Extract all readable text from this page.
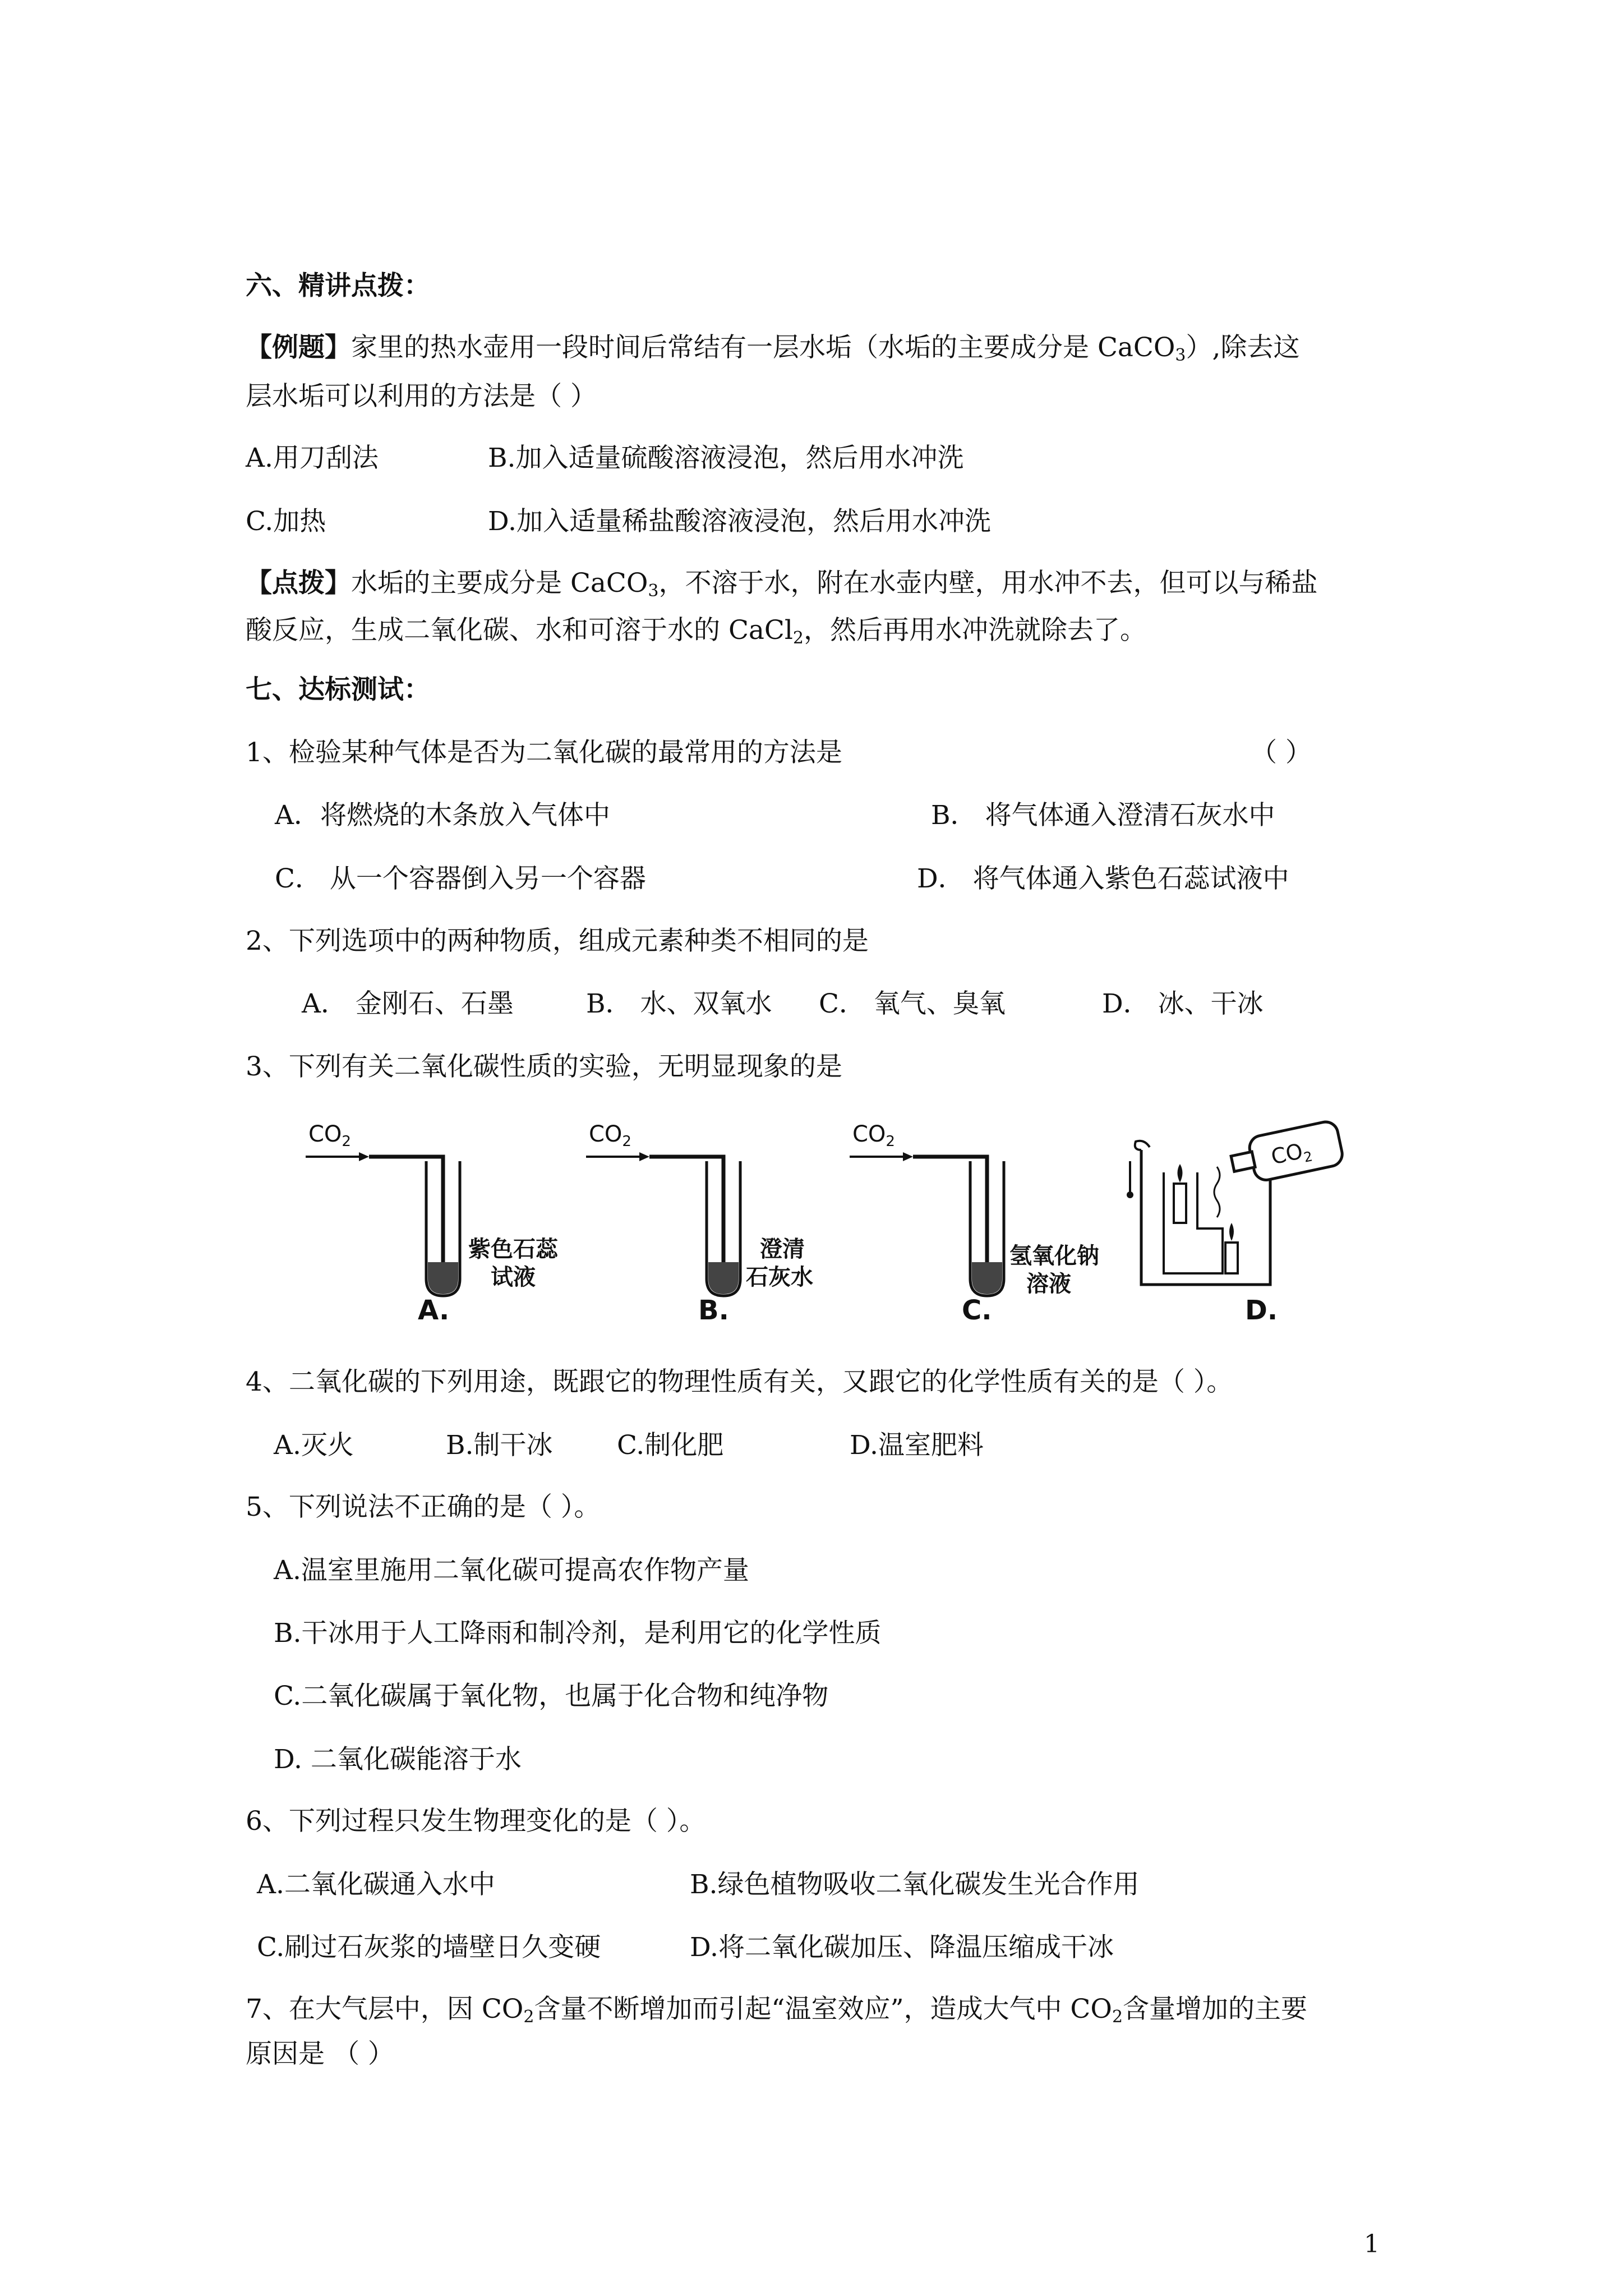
六、精讲点拨：
【例题】家里的热水壶用一段时间后常结有一层水垢（水垢的主要成分是 CaCO$_3$）,除去这
层水垢可以利用的方法是（ ）
A.用刀刮法	B.加入适量硫酸溶液浸泡，然后用水冲洗
C.加热	D.加入适量稀盐酸溶液浸泡，然后用水冲洗
【点拨】水垢的主要成分是 CaCO$_3$，不溶于水，附在水壶内壁，用水冲不去，但可以与稀盐
酸反应，生成二氧化碳、水和可溶于水的 CaCl$_2$，然后再用水冲洗就除去了。
七、达标测试：
1、检验某种气体是否为二氧化碳的最常用的方法是	（ ）
A．将燃烧的木条放入气体中	B． 将气体通入澄清石灰水中
C． 从一个容器倒入另一个容器	D． 将气体通入紫色石蕊试液中
2、下列选项中的两种物质，组成元素种类不相同的是
A． 金刚石、石墨	B． 水、双氧水 C． 氧气、臭氧	D． 冰、干冰
3、下列有关二氧化碳性质的实验，无明显现象的是
$CO_2$
紫色石蕊
试液
A.
$CO_2$
澄清
石灰水
B.
$CO_2$
氢氧化钠
溶液
C.
$CO_2$
D.
4、二氧化碳的下列用途，既跟它的物理性质有关，又跟它的化学性质有关的是（ ）。
A.灭火	B.制干冰 C.制化肥	D.温室肥料
5、下列说法不正确的是（ ）。
A.温室里施用二氧化碳可提高农作物产量
B.干冰用于人工降雨和制冷剂，是利用它的化学性质
C.二氧化碳属于氧化物，也属于化合物和纯净物
D. 二氧化碳能溶于水
6、下列过程只发生物理变化的是（ ）。
A.二氧化碳通入水中	B.绿色植物吸收二氧化碳发生光合作用
C.刷过石灰浆的墙壁日久变硬	D.将二氧化碳加压、降温压缩成干冰
7、在大气层中，因 $CO_2$含量不断增加而引起“温室效应”，造成大气中 $CO_2$含量增加的主要
原因是 （ ）
1
